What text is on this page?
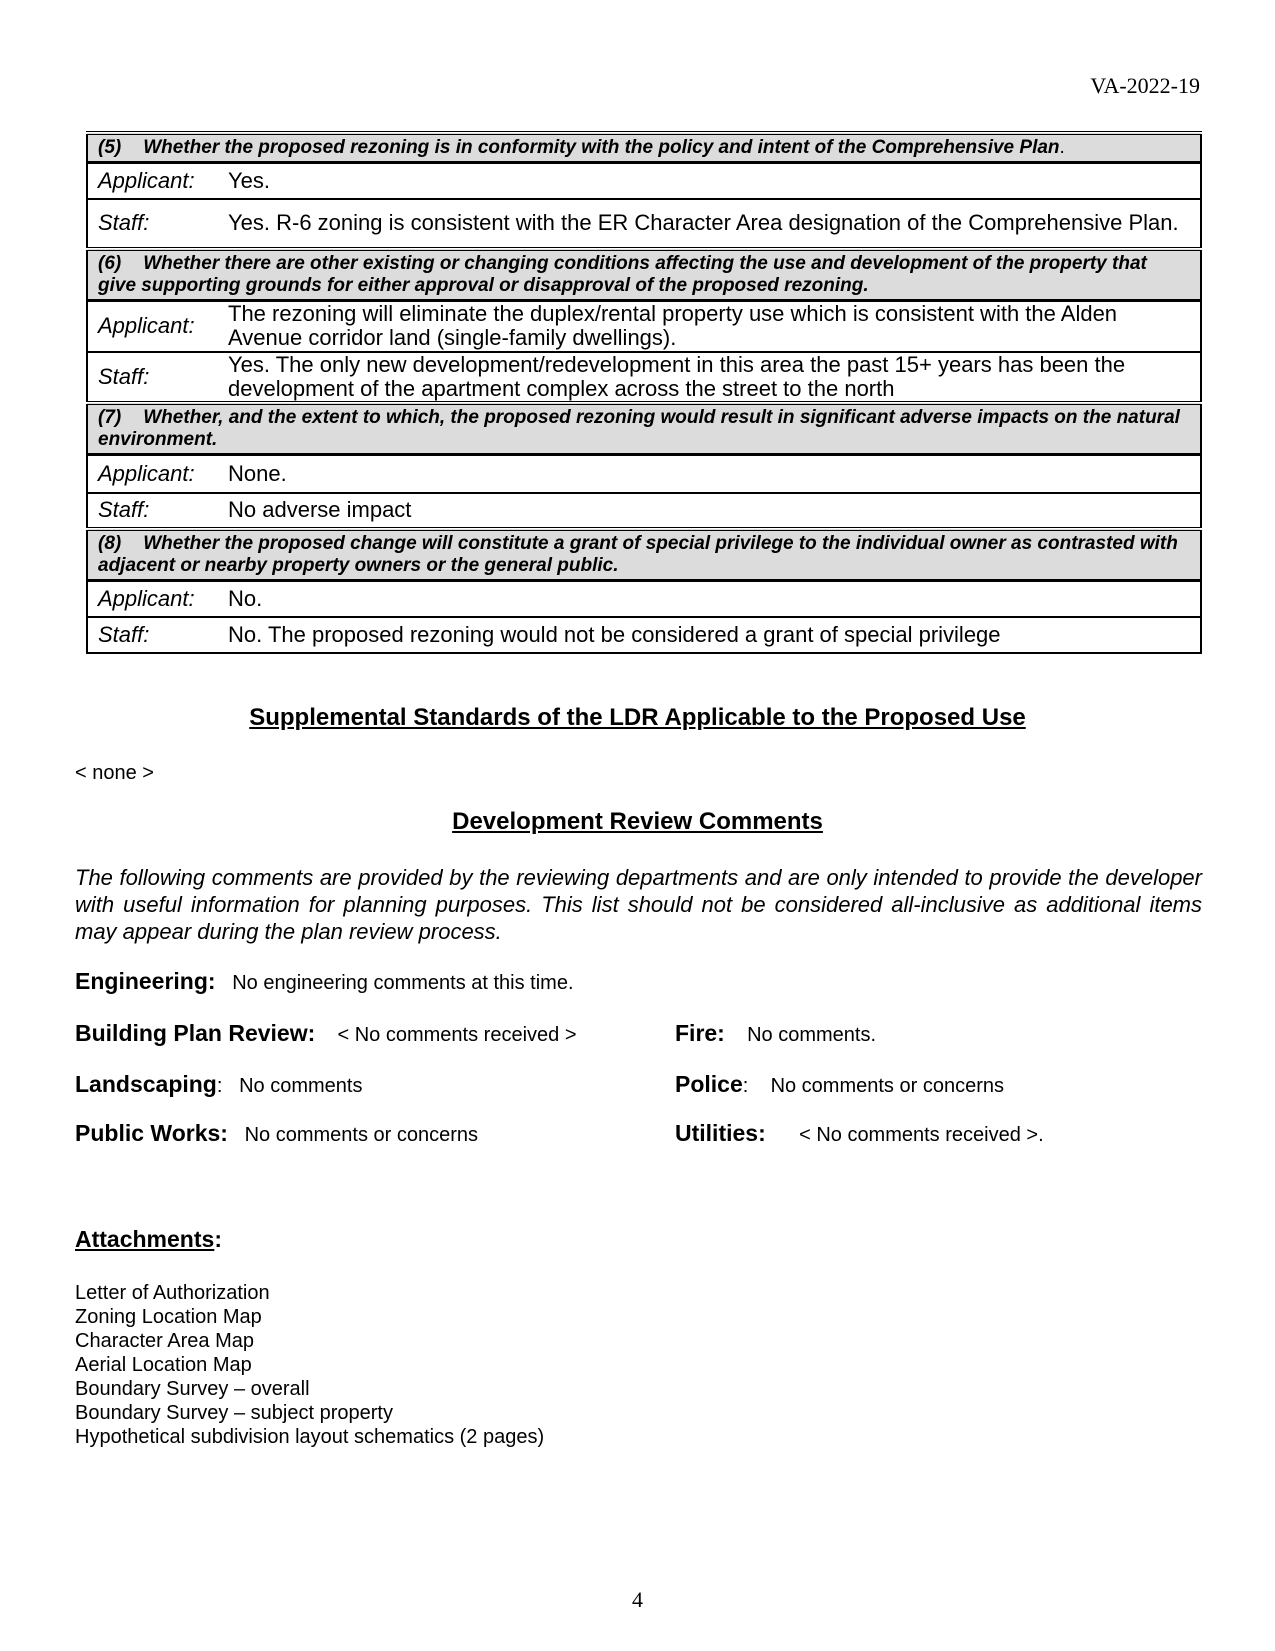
VA-2022-19
(5) Whether the proposed rezoning is in conformity with the policy and intent of the Comprehensive Plan.	
Applicant:	Yes.
Staff:	Yes. R-6 zoning is consistent with the ER Character Area designation of the Comprehensive Plan.
(6) Whether there are other existing or changing conditions affecting the use and development of the property that give supporting grounds for either approval or disapproval of the proposed rezoning.	
Applicant:	The rezoning will eliminate the duplex/rental property use which is consistent with the Alden Avenue corridor land (single-family dwellings).
Staff:	Yes. The only new development/redevelopment in this area the past 15+ years has been the development of the apartment complex across the street to the north
(7) Whether, and the extent to which, the proposed rezoning would result in significant adverse impacts on the natural environment.	
Applicant:	None.
Staff:	No adverse impact
(8) Whether the proposed change will constitute a grant of special privilege to the individual owner as contrasted with adjacent or nearby property owners or the general public.	
Applicant:	No.
Staff:	No. The proposed rezoning would not be considered a grant of special privilege
Supplemental Standards of the LDR Applicable to the Proposed Use
< none >
Development Review Comments
The following comments are provided by the reviewing departments and are only intended to provide the developer with useful information for planning purposes. This list should not be considered all-inclusive as additional items may appear during the plan review process.
Engineering: No engineering comments at this time.
Building Plan Review: < No comments received >	Fire: No comments.
Landscaping: No comments	Police: No comments or concerns
Public Works: No comments or concerns	Utilities: < No comments received >.
Attachments:
Letter of Authorization
Zoning Location Map
Character Area Map
Aerial Location Map
Boundary Survey – overall
Boundary Survey – subject property
Hypothetical subdivision layout schematics (2 pages)
4
